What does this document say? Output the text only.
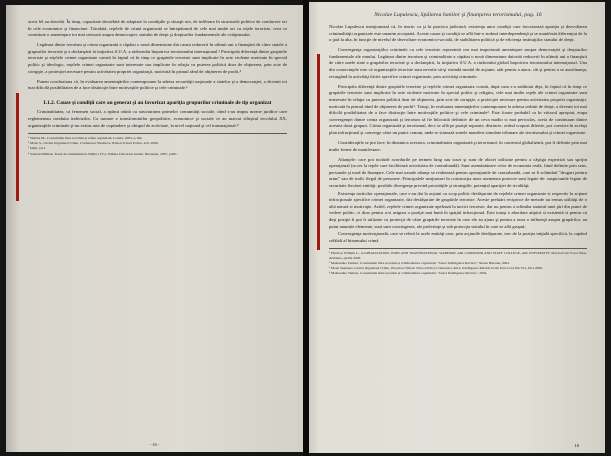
acest fel au dovedit. În timp, capacitate deosebită de adaptare la condiţiile şi situaţii noi, de infiltrare în structurile politice de conducere ori în cele economice şi financiare. Totodată, reţelele de crimă organizată se întrepătrund de cele mai multe ori cu reţele teroriste, ceea ce constituie o ameninţare tot mai serioasă asupra democraţiei, statului de drept şi drepturilor fundamentale ale cetăţeanului.

Legătura dintre terorism şi crima organizată a căpătat o nouă dimensiune din cauza reducerii în ultimii ani a finanţării de către statele a grupurilor teroriste şi a declanşării la iniţiativa S.U.A. a războiului împotriva terorismului internaţional.¹ Principala diferenţă dintre grupările teroriste şi reţelele crimei organizate constă în faptul că în timp ce grupările teroriste sunt implicate în acte violente motivate în special politic şi ideologic, reţelele crimei organizate sunt interesate sau implicate în relaţia cu puterea politică doar de obţinerea, prin acte de corupţie, a protecţiei necesare pentru activitatea propriei organizaţii, motivată în primul rând de obţinerea de profit.²

Putem concluziona că, în evaluarea ameninţărilor contemporane la adresa securităţii naţionale a statelor şi a democraţiei, a devenit tot mai dificilă posibilitatea de a face distincţie între motivaţiile politice şi cele criminale.³

I.1.2. Cauze şi condiţii care au generat şi au favorizat apariţia grupurilor criminale de tip organizat

Criminalitatea, ca fenomen social, a apărut odată cu structurarea primelor comunităţi sociale, când s-au impus norme juridice care reglementau conduita indivizilor. Ca urmare a transformărilor geopolitice, economice şi sociale ce au marcat sfârşitul secolului XX, organizaţiile criminale şi-au extins aria de cuprindere şi câmpul de activitate, la nivel naţional şi cel transnaţional.⁴

¹ Tamara M., Conexiunile între terorism şi crima organizată, Londra, 2004, p.184.

² Mona S., Global Organized Crime, Conference Westbrow Wilson School Police, 4.01.1006.

³ Idem, p.61.

⁴ Stanciu Emilian, Tratat de criminalistică, Ediţia a IV-a, Editura Universul Juridic, Bucureşti, 2007, p.661.

- 16 -
Nicolae Lupulescu, Spălarea banilor şi finanţarea terorismului, pag. 16

Nicolae Lupulescu menţionează că, în teorie, ca şi în practica judiciară, existenţa unor condiţii care favorizează apariţia şi dezvoltarea criminalităţii organizate este unanim acceptată. Aceste cauze şi condiţii se află într-o strânsă interdependenţă şi se manifestă diferenţiat de la o ţară la alta, în funcţie de nivelul de dezvoltare economico-socială, de stabilitatea politică şi de eficienţa instituţiilor statului de drept.

Convergenţa organizaţiilor criminale cu cele teroriste reprezintă cea mai importantă ameninţare asupra democraţiei şi drepturilor fundamentale ale omului. Legătura dintre terorism şi criminalitate a căpătat o nouă dimensiune datorită reducerii în ultimii ani a finanţării de către unele state a grupărilor teroriste şi a declanşării, la iniţiativa S.U.A. a războiului global împotriva terorismului internaţional. Una din consecinţele este că organizaţiile teroriste sunt nevoite să-şi extindă modul de acţiune, atât pentru a ataca, cât şi pentru a se autofinanţa, recurgând la activităţi ilicite specifice crimei organizate, prin activităţi criminale.

Principala diferenţă dintre grupările teroriste şi reţelele crimei organizate constă, după cum s-a subliniat deja, în faptul că în timp ce grupările teroriste sunt implicate în acte violente motivate în special politic şi religios, cele mai multe reţele ale crimei organizate sunt interesate în relaţia cu puterea politică doar de obţinerea, prin acte de corupţie, a protecţiei necesare pentru activitatea propriei organizaţii, motivată în primul rând de obţinerea de profit¹. Totuşi, în evaluarea ameninţărilor contemporane la adresa ordinii de drept, a devenit tot mai dificilă posibilitatea de a face distincţie între motivaţiile politice şi cele criminale². Este foarte probabil ca în viitorul apropiat, etapa convergenţei dintre crima organizată şi terorism să fie înlocuită definitiv de un ceva madio si mai periculos, aceia de continuum dintre acestea două grupuri. Crima organizată şi terorismul, deci se află pe poziţii separate, distincte, având scopuri diferite, pot coexista în acelaşi plan infracţional şi converge către un punct comun, unde se situează zonele manifest simulate tributare ale terorismului şi crimei organizate.

Consideraţiile se pot face, în dinamica acestora, criminalitatea organizată şi terorismul, în contextul globalizării, pot fi definite prin mai multe forme de manifestare:

Alianţele: care pot include acordurile pe termen lung sau scurt şi sunt de obicei utilizate pentru a câştiga expertiză sau sprijin operaţional (acces la reţele care facilitează activitatea de contrabandă). Sunt asemănătoare celor de economia reală, fiind definite prin sens, personale şi mod de finanţare. Cele mai uzuale alianţe se realizează pentru operaţiunile de contrabandă, care ar fi schimbul "drogari pentru arme" sau de trafic ilegal de persoane. Principalele neajunsuri în construcţia unor asemenea protecte sunt legate de: suspiciunile legate de securitate fiecărei entităţi; posibile divergenţe privind priorităţile şi strategiile; potenţial apariţiei de rivalităţi;
Existenţa tacticilor operaţionale, care s-au dat la acţiuni cu scop politic desfăşurate de reţelele crimei organizate si respectiv la acţiuni infracţionale specifice crimei organizate, dar desfăşurate de grupările teroriste. Aceste preluări reciproce de metode au remus utilităţi de o altă natură si motivaţie. Astfel, reţelele crimei organizate apelează la tactici teroriste, dar nu pentru a schimba statutul unei ţări din punct de vedere politic, ci doar pentru a-si asigura o poziţie mai bună în spaţiul infracţional. Este totuşi o abordare atipică si existentă si pentru că deşi poziţie îi pot fi utilizate cu protecţii de către grupările teroriste în care ele au ajuns şi pentru a avea o influenţă asupra grupărilor, au putut anumite elemente, sunt sunt convingerea, ale preferinţe şi sub protecţia statului în care se află grupul;
Convergenţa motivaţională, care se referă la acele entităţi care, prin acţiunile desfăşurate, trec de la poziţia iniţială specifică, la capătul celălalt al binomului crimă

¹ Harmon William L., GLOBALIZATION, WMD AND TRANSNATIONAL WARFARE, AIR COMMAND AND STAFF COLLEGE, AIR UNIVERSITY, Maxwell Air Force Base, Alabama, aprilie 2002.

² Makarenko Tamara, Conexiunile între terorism şi criminalitatea organizată, "Jane's Intelligence Review", Marea Britanie, 2004.

³ Mona Stephens, Global Organized Crime, Woodrow Wilson School Policy Conference 4014, Intelligence Reform in the Post-Cold War Era, 6.01.2006.

⁴ Makarenko Tamara, Conexiunile între terorism şi criminalitatea organizată, "Jane's Intelligence Review", 2004.

16
